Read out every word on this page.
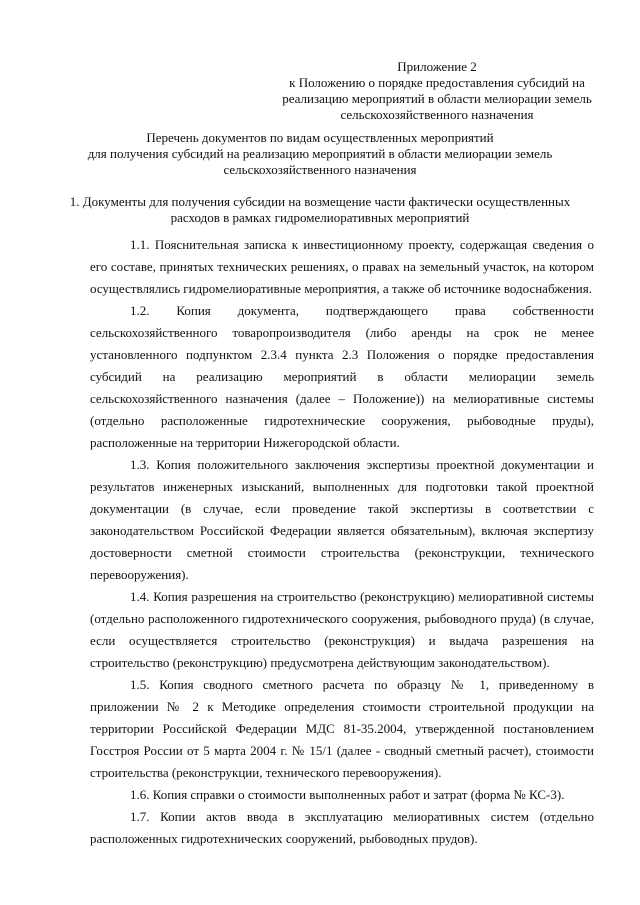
Приложение 2
к Положению о порядке предоставления субсидий на
реализацию мероприятий в области мелиорации земель
сельскохозяйственного назначения
Перечень документов по видам осуществленных мероприятий
для получения субсидий на реализацию мероприятий в области мелиорации земель
сельскохозяйственного назначения
1. Документы для получения субсидии на возмещение части фактически осуществленных
расходов в рамках гидромелиоративных мероприятий

1.1. Пояснительная записка к инвестиционному проекту, содержащая сведения о его составе, принятых технических решениях, о правах на земельный участок, на котором осуществлялись гидромелиоративные мероприятия, а также об источнике водоснабжения.

1.2. Копия документа, подтверждающего права собственности сельскохозяйственного товаропроизводителя (либо аренды на срок не менее установленного подпунктом 2.3.4 пункта 2.3 Положения о порядке предоставления субсидий на реализацию мероприятий в области мелиорации земель сельскохозяйственного назначения (далее – Положение)) на мелиоративные системы (отдельно расположенные гидротехнические сооружения, рыбоводные пруды), расположенные на территории Нижегородской области.

1.3. Копия положительного заключения экспертизы проектной документации и результатов инженерных изысканий, выполненных для подготовки такой проектной документации (в случае, если проведение такой экспертизы в соответствии с законодательством Российской Федерации является обязательным), включая экспертизу достоверности сметной стоимости строительства (реконструкции, технического перевооружения).

1.4. Копия разрешения на строительство (реконструкцию) мелиоративной системы (отдельно расположенного гидротехнического сооружения, рыбоводного пруда) (в случае, если осуществляется строительство (реконструкция) и выдача разрешения на строительство (реконструкцию) предусмотрена действующим законодательством).

1.5. Копия сводного сметного расчета по образцу № 1, приведенному в приложении № 2 к Методике определения стоимости строительной продукции на территории Российской Федерации МДС 81-35.2004, утвержденной постановлением Госстроя России от 5 марта 2004 г. № 15/1 (далее - сводный сметный расчет), стоимости строительства (реконструкции, технического перевооружения).

1.6. Копия справки о стоимости выполненных работ и затрат (форма № КС-3).

1.7. Копии актов ввода в эксплуатацию мелиоративных систем (отдельно расположенных гидротехнических сооружений, рыбоводных прудов).
